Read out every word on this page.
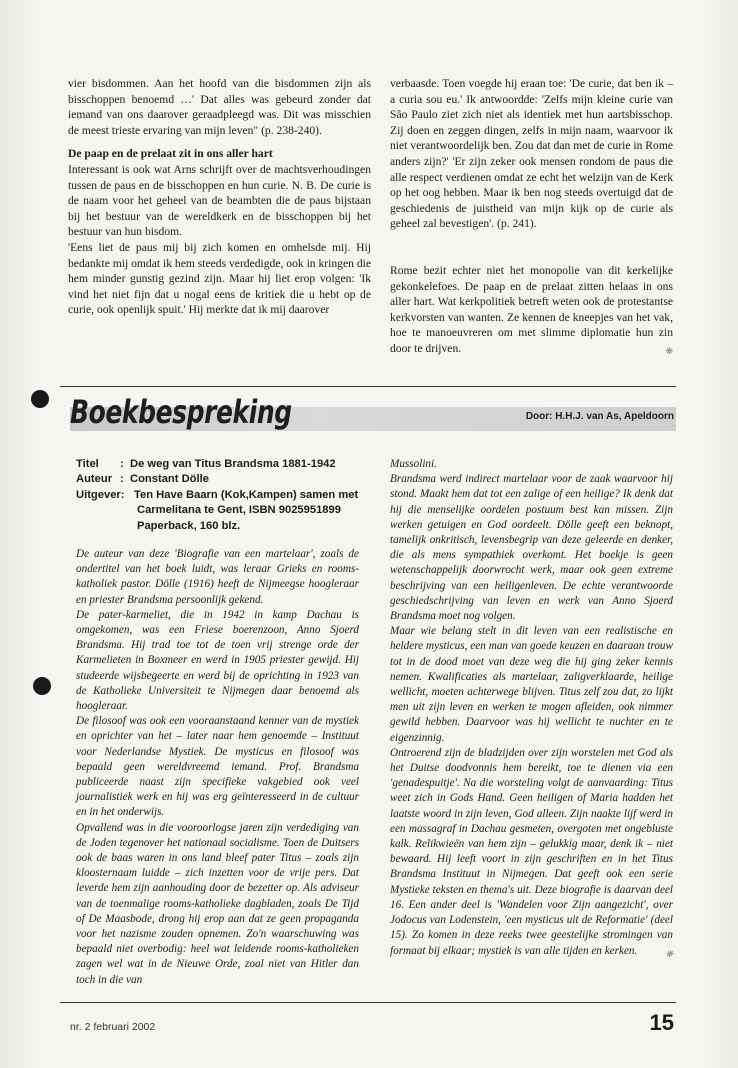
vier bisdommen. Aan het hoofd van die bisdommen zijn als bisschoppen benoemd …' Dat alles was gebeurd zonder dat iemand van ons daarover geraadpleegd was. Dit was misschien de meest trieste ervaring van mijn leven" (p. 238-240).

De paap en de prelaat zit in ons aller hart

Interessant is ook wat Arns schrijft over de machtsverhoudingen tussen de paus en de bisschoppen en hun curie. N. B. De curie is de naam voor het geheel van de beambten die de paus bijstaan bij het bestuur van de wereldkerk en de bisschoppen bij het bestuur van hun bisdom.

'Eens liet de paus mij bij zich komen en omhelsde mij. Hij bedankte mij omdat ik hem steeds verdedigde, ook in kringen die hem minder gunstig gezind zijn. Maar hij liet erop volgen: 'Ik vind het niet fijn dat u nogal eens de kritiek die u hebt op de curie, ook openlijk spuit.' Hij merkte dat ik mij daarover

verbaasde. Toen voegde hij eraan toe: 'De curie, dat ben ik – a curia sou eu.' Ik antwoordde: 'Zelfs mijn kleine curie van São Paulo ziet zich niet als identiek met hun aartsbisschop. Zij doen en zeggen dingen, zelfs in mijn naam, waarvoor ik niet verantwoordelijk ben. Zou dat dan met de curie in Rome anders zijn?' 'Er zijn zeker ook mensen rondom de paus die alle respect verdienen omdat ze echt het welzijn van de Kerk op het oog hebben. Maar ik ben nog steeds overtuigd dat de geschiedenis de juistheid van mijn kijk op de curie als geheel zal bevestigen'. (p. 241).

Rome bezit echter niet het monopolie van dit kerkelijke gekonkelefoes. De paap en de prelaat zitten helaas in ons aller hart. Wat kerkpolitiek betreft weten ook de protestantse kerkvorsten van wanten. Ze kennen de kneepjes van het vak, hoe te manoeuvreren om met slimme diplomatie hun zin door te drijven.	❈

Boekbespreking	Door: H.H.J. van As, Apeldoorn
Titel	: De weg van Titus Brandsma 1881-1942
Auteur : Constant Dölle
Uitgever: Ten Have Baarn (Kok,Kampen) samen met
Carmelitana te Gent, ISBN 9025951899
Paperback, 160 blz.

De auteur van deze 'Biografie van een martelaar', zoals de ondertitel van het boek luidt, was leraar Grieks en rooms-katholiek pastor. Dölle (1916) heeft de Nijmeegse hoogleraar en priester Brandsma persoonlijk gekend.

De pater-karmeliet, die in 1942 in kamp Dachau is omgekomen, was een Friese boerenzoon, Anno Sjoerd Brandsma. Hij trad toe tot de toen vrij strenge orde der Karmelieten in Boxmeer en werd in 1905 priester gewijd. Hij studeerde wijsbegeerte en werd bij de oprichting in 1923 van de Katholieke Universiteit te Nijmegen daar benoemd als hoogleraar.

De filosoof was ook een vooraanstaand kenner van de mystiek en oprichter van het – later naar hem genoemde – Instituut voor Nederlandse Mystiek. De mysticus en filosoof was bepaald geen wereldvreemd iemand. Prof. Brandsma publiceerde naast zijn specifieke vakgebied ook veel journalistiek werk en hij was erg geïnteresseerd in de cultuur en in het onderwijs.

Opvallend was in die vooroorlogse jaren zijn verdediging van de Joden tegenover het nationaal socialisme. Toen de Duitsers ook de baas waren in ons land bleef pater Titus – zoals zijn kloosternaam luidde – zich inzetten voor de vrije pers. Dat leverde hem zijn aanhouding door de bezetter op. Als adviseur van de toenmalige rooms-katholieke dagbladen, zoals De Tijd of De Maasbode, drong hij erop aan dat ze geen propaganda voor het nazisme zouden opnemen. Zo'n waarschuwing was bepaald niet overbodig: heel wat leidende rooms-katholieken zagen wel wat in de Nieuwe Orde, zoal niet van Hitler dan toch in die van

Mussolini.

Brandsma werd indirect martelaar voor de zaak waarvoor hij stond. Maakt hem dat tot een zalige of een heilige? Ik denk dat hij die menselijke oordelen postuum best kan missen. Zijn werken getuigen en God oordeelt. Dölle geeft een beknopt, tamelijk onkritisch, levensbegrip van deze geleerde en denker, die als mens sympathiek overkomt. Het boekje is geen wetenschappelijk doorwrocht werk, maar ook geen extreme beschrijving van een heiligenleven. De echte verantwoorde geschiedschrijving van leven en werk van Anno Sjoerd Brandsma moet nog volgen.

Maar wie belang stelt in dit leven van een realistische en heldere mysticus, een man van goede keuzen en daaraan trouw tot in de dood moet van deze weg die hij ging zeker kennis nemen. Kwalificaties als martelaar, zaligverklaarde, heilige wellicht, moeten achterwege blijven. Titus zelf zou dat, zo lijkt men uit zijn leven en werken te mogen afleiden, ook nimmer gewild hebben. Daarvoor was hij wellicht te nuchter en te eigenzinnig.

Ontroerend zijn de bladzijden over zijn worstelen met God als het Duitse doodvonnis hem bereikt, toe te dienen via een 'genadespuitje'. Na die worsteling volgt de aanvaarding: Titus weet zich in Gods Hand. Geen heiligen of Maria hadden het laatste woord in zijn leven, God alleen. Zijn naakte lijf werd in een massagraf in Dachau gesmeten, overgoten met ongebluste kalk. Relikwieën van hem zijn – gelukkig maar, denk ik – niet bewaard. Hij leeft voort in zijn geschriften en in het Titus Brandsma Instituut in Nijmegen. Dat geeft ook een serie Mystieke teksten en thema's uit. Deze biografie is daarvan deel 16. Een ander deel is 'Wandelen voor Zijn aangezicht', over Jodocus van Lodenstein, 'een mysticus uit de Reformatie' (deel 15). Zo komen in deze reeks twee geestelijke stromingen van formaat bij elkaar; mystiek is van alle tijden en kerken.	❈

nr. 2 februari 2002	15
